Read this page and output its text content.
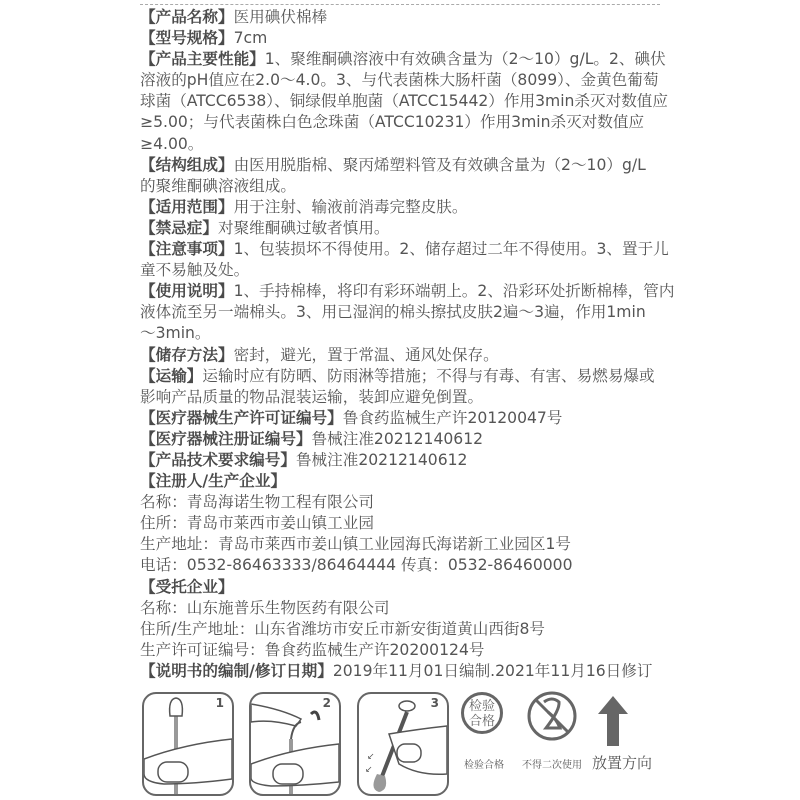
【产品名称】医用碘伏棉棒
【型号规格】7cm
【产品主要性能】1、聚维酮碘溶液中有效碘含量为（2～10）g/L。2、碘伏
溶液的pH值应在2.0～4.0。3、与代表菌株大肠杆菌（8099）、金黄色葡萄
球菌（ATCC6538）、铜绿假单胞菌（ATCC15442）作用3min杀灭对数值应
≥5.00；与代表菌株白色念珠菌（ATCC10231）作用3min杀灭对数值应
≥4.00。
【结构组成】由医用脱脂棉、聚丙烯塑料管及有效碘含量为（2～10）g/L
的聚维酮碘溶液组成。
【适用范围】用于注射、输液前消毒完整皮肤。
【禁忌症】对聚维酮碘过敏者慎用。
【注意事项】1、包装损坏不得使用。2、储存超过二年不得使用。3、置于儿
童不易触及处。
【使用说明】1、手持棉棒，将印有彩环端朝上。2、沿彩环处折断棉棒，管内
液体流至另一端棉头。3、用已湿润的棉头擦拭皮肤2遍～3遍，作用1min
～3min。
【储存方法】密封，避光，置于常温、通风处保存。
【运输】运输时应有防晒、防雨淋等措施；不得与有毒、有害、易燃易爆或
影响产品质量的物品混装运输，装卸应避免倒置。
【医疗器械生产许可证编号】鲁食药监械生产许20120047号
【医疗器械注册证编号】鲁械注准20212140612
【产品技术要求编号】鲁械注准20212140612
【注册人/生产企业】
名称：青岛海诺生物工程有限公司
住所：青岛市莱西市姜山镇工业园
生产地址：青岛市莱西市姜山镇工业园海氏海诺新工业园区1号
电话：0532-86463333/86464444 传真：0532-86460000
【受托企业】
名称：山东施普乐生物医药有限公司
住所/生产地址：山东省潍坊市安丘市新安街道黄山西街8号
生产许可证编号：鲁食药监械生产许20200124号
【说明书的编制/修订日期】2019年11月01日编制.2021年11月16日修订
1	2	3
↙
↙
检验
合格
检验合格 不得二次使用 放置方向
